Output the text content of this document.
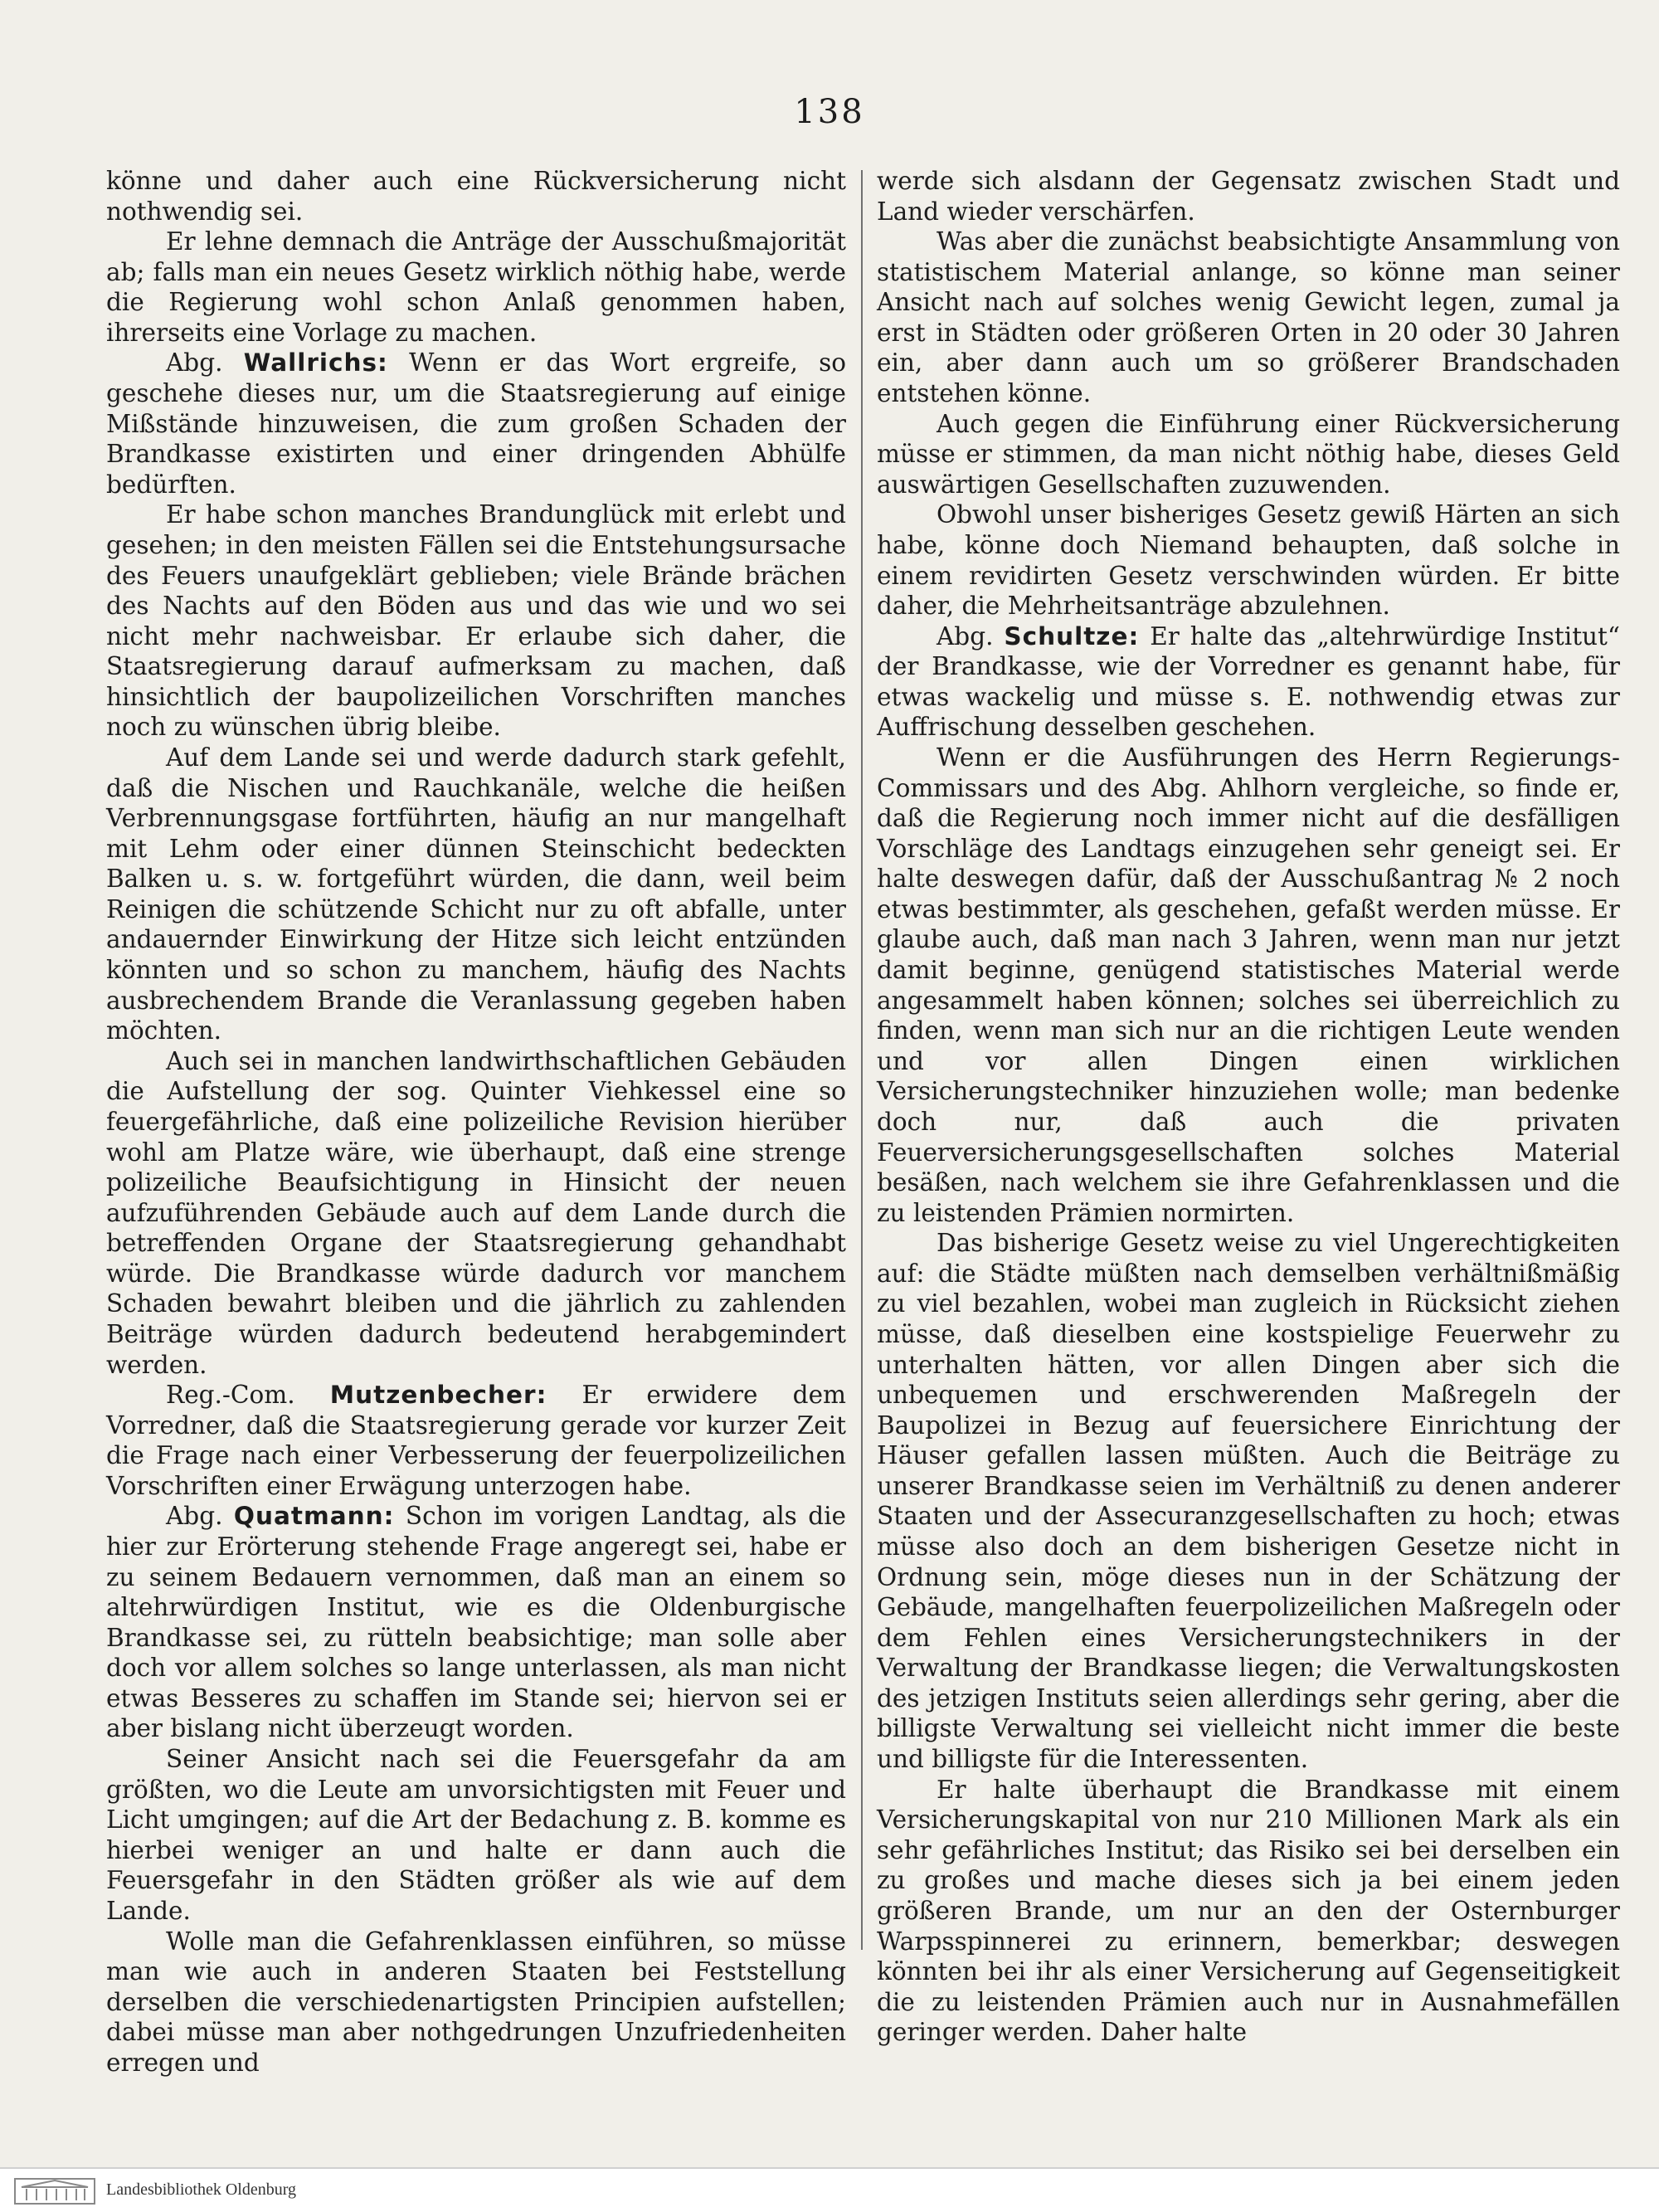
138

könne und daher auch eine Rückversicherung nicht nothwendig sei.

Er lehne demnach die Anträge der Ausschußmajorität ab; falls man ein neues Gesetz wirklich nöthig habe, werde die Regierung wohl schon Anlaß genommen haben, ihrerseits eine Vorlage zu machen.

Abg. Wallrichs: Wenn er das Wort ergreife, so geschehe dieses nur, um die Staatsregierung auf einige Mißstände hinzuweisen, die zum großen Schaden der Brandkasse existirten und einer dringenden Abhülfe bedürften.

Er habe schon manches Brandunglück mit erlebt und gesehen; in den meisten Fällen sei die Entstehungsursache des Feuers unaufgeklärt geblieben; viele Brände brächen des Nachts auf den Böden aus und das wie und wo sei nicht mehr nachweisbar. Er erlaube sich daher, die Staatsregierung darauf aufmerksam zu machen, daß hinsichtlich der baupolizeilichen Vorschriften manches noch zu wünschen übrig bleibe.

Auf dem Lande sei und werde dadurch stark gefehlt, daß die Nischen und Rauchkanäle, welche die heißen Verbrennungsgase fortführten, häufig an nur mangelhaft mit Lehm oder einer dünnen Steinschicht bedeckten Balken u. s. w. fortgeführt würden, die dann, weil beim Reinigen die schützende Schicht nur zu oft abfalle, unter andauernder Einwirkung der Hitze sich leicht entzünden könnten und so schon zu manchem, häufig des Nachts ausbrechendem Brande die Veranlassung gegeben haben möchten.

Auch sei in manchen landwirthschaftlichen Gebäuden die Aufstellung der sog. Quinter Viehkessel eine so feuergefährliche, daß eine polizeiliche Revision hierüber wohl am Platze wäre, wie überhaupt, daß eine strenge polizeiliche Beaufsichtigung in Hinsicht der neuen aufzuführenden Gebäude auch auf dem Lande durch die betreffenden Organe der Staatsregierung gehandhabt würde. Die Brandkasse würde dadurch vor manchem Schaden bewahrt bleiben und die jährlich zu zahlenden Beiträge würden dadurch bedeutend herabgemindert werden.

Reg.-Com. Mutzenbecher: Er erwidere dem Vorredner, daß die Staatsregierung gerade vor kurzer Zeit die Frage nach einer Verbesserung der feuerpolizeilichen Vorschriften einer Erwägung unterzogen habe.

Abg. Quatmann: Schon im vorigen Landtag, als die hier zur Erörterung stehende Frage angeregt sei, habe er zu seinem Bedauern vernommen, daß man an einem so altehrwürdigen Institut, wie es die Oldenburgische Brandkasse sei, zu rütteln beabsichtige; man solle aber doch vor allem solches so lange unterlassen, als man nicht etwas Besseres zu schaffen im Stande sei; hiervon sei er aber bislang nicht überzeugt worden.

Seiner Ansicht nach sei die Feuersgefahr da am größten, wo die Leute am unvorsichtigsten mit Feuer und Licht umgingen; auf die Art der Bedachung z. B. komme es hierbei weniger an und halte er dann auch die Feuersgefahr in den Städten größer als wie auf dem Lande.

Wolle man die Gefahrenklassen einführen, so müsse man wie auch in anderen Staaten bei Feststellung derselben die verschiedenartigsten Principien aufstellen; dabei müsse man aber nothgedrungen Unzufriedenheiten erregen und

werde sich alsdann der Gegensatz zwischen Stadt und Land wieder verschärfen.

Was aber die zunächst beabsichtigte Ansammlung von statistischem Material anlange, so könne man seiner Ansicht nach auf solches wenig Gewicht legen, zumal ja erst in Städten oder größeren Orten in 20 oder 30 Jahren ein, aber dann auch um so größerer Brandschaden entstehen könne.

Auch gegen die Einführung einer Rückversicherung müsse er stimmen, da man nicht nöthig habe, dieses Geld auswärtigen Gesellschaften zuzuwenden.

Obwohl unser bisheriges Gesetz gewiß Härten an sich habe, könne doch Niemand behaupten, daß solche in einem revidirten Gesetz verschwinden würden. Er bitte daher, die Mehrheitsanträge abzulehnen.

Abg. Schultze: Er halte das „altehrwürdige Institut“ der Brandkasse, wie der Vorredner es genannt habe, für etwas wackelig und müsse s. E. nothwendig etwas zur Auffrischung desselben geschehen.

Wenn er die Ausführungen des Herrn Regierungs-Commissars und des Abg. Ahlhorn vergleiche, so finde er, daß die Regierung noch immer nicht auf die desfälligen Vorschläge des Landtags einzugehen sehr geneigt sei. Er halte deswegen dafür, daß der Ausschußantrag № 2 noch etwas bestimmter, als geschehen, gefaßt werden müsse. Er glaube auch, daß man nach 3 Jahren, wenn man nur jetzt damit beginne, genügend statistisches Material werde angesammelt haben können; solches sei überreichlich zu finden, wenn man sich nur an die richtigen Leute wenden und vor allen Dingen einen wirklichen Versicherungstechniker hinzuziehen wolle; man bedenke doch nur, daß auch die privaten Feuerversicherungsgesellschaften solches Material besäßen, nach welchem sie ihre Gefahrenklassen und die zu leistenden Prämien normirten.

Das bisherige Gesetz weise zu viel Ungerechtigkeiten auf: die Städte müßten nach demselben verhältnißmäßig zu viel bezahlen, wobei man zugleich in Rücksicht ziehen müsse, daß dieselben eine kostspielige Feuerwehr zu unterhalten hätten, vor allen Dingen aber sich die unbequemen und erschwerenden Maßregeln der Baupolizei in Bezug auf feuersichere Einrichtung der Häuser gefallen lassen müßten. Auch die Beiträge zu unserer Brandkasse seien im Verhältniß zu denen anderer Staaten und der Assecuranzgesellschaften zu hoch; etwas müsse also doch an dem bisherigen Gesetze nicht in Ordnung sein, möge dieses nun in der Schätzung der Gebäude, mangelhaften feuerpolizeilichen Maßregeln oder dem Fehlen eines Versicherungstechnikers in der Verwaltung der Brandkasse liegen; die Verwaltungskosten des jetzigen Instituts seien allerdings sehr gering, aber die billigste Verwaltung sei vielleicht nicht immer die beste und billigste für die Interessenten.

Er halte überhaupt die Brandkasse mit einem Versicherungskapital von nur 210 Millionen Mark als ein sehr gefährliches Institut; das Risiko sei bei derselben ein zu großes und mache dieses sich ja bei einem jeden größeren Brande, um nur an den der Osternburger Warpsspinnerei zu erinnern, bemerkbar; deswegen könnten bei ihr als einer Versicherung auf Gegenseitigkeit die zu leistenden Prämien auch nur in Ausnahmefällen geringer werden. Daher halte

Landesbibliothek Oldenburg
